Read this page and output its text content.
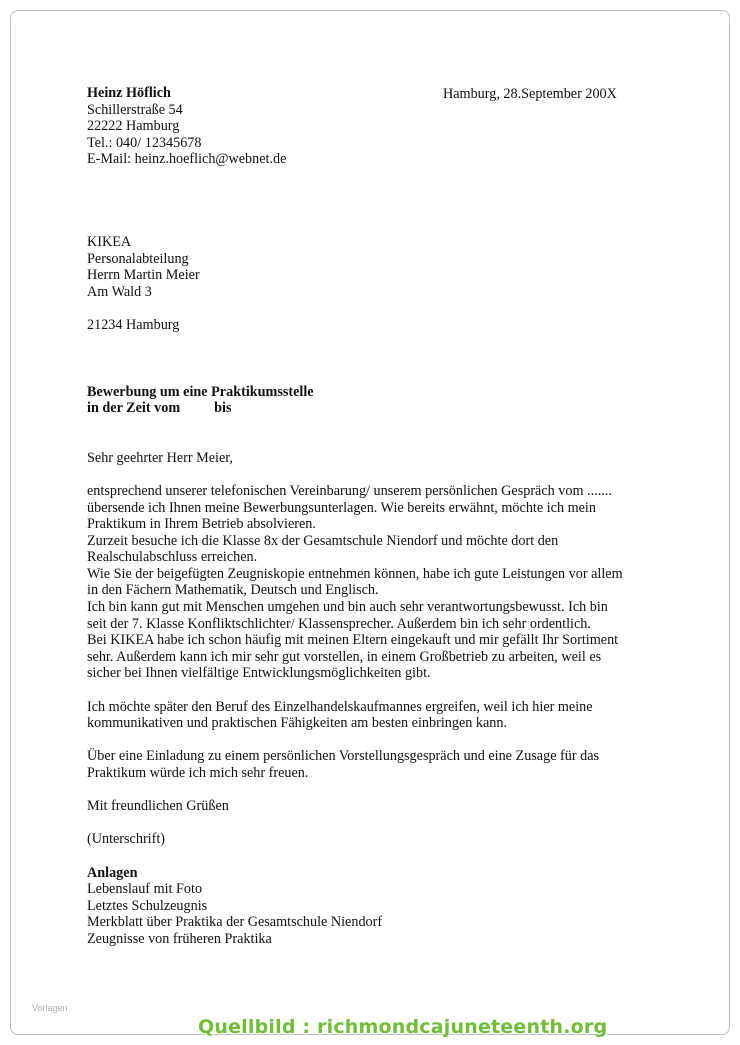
Hamburg, 28.September 200X
Heinz Höflich
Schillerstraße 54
22222 Hamburg
Tel.: 040/ 12345678
E-Mail: heinz.hoeflich@webnet.de
KIKEA
Personalabteilung
Herrn Martin Meier
Am Wald 3
21234 Hamburg
Bewerbung um eine Praktikumsstelle
in der Zeit vom bis
Sehr geehrter Herr Meier,
entsprechend unserer telefonischen Vereinbarung/ unserem persönlichen Gespräch vom .......
übersende ich Ihnen meine Bewerbungsunterlagen. Wie bereits erwähnt, möchte ich mein
Praktikum in Ihrem Betrieb absolvieren.
Zurzeit besuche ich die Klasse 8x der Gesamtschule Niendorf und möchte dort den
Realschulabschluss erreichen.
Wie Sie der beigefügten Zeugniskopie entnehmen können, habe ich gute Leistungen vor allem
in den Fächern Mathematik, Deutsch und Englisch.
Ich bin kann gut mit Menschen umgehen und bin auch sehr verantwortungsbewusst. Ich bin
seit der 7. Klasse Konfliktschlichter/ Klassensprecher. Außerdem bin ich sehr ordentlich.
Bei KIKEA habe ich schon häufig mit meinen Eltern eingekauft und mir gefällt Ihr Sortiment
sehr. Außerdem kann ich mir sehr gut vorstellen, in einem Großbetrieb zu arbeiten, weil es
sicher bei Ihnen vielfältige Entwicklungsmöglichkeiten gibt.
Ich möchte später den Beruf des Einzelhandelskaufmannes ergreifen, weil ich hier meine
kommunikativen und praktischen Fähigkeiten am besten einbringen kann.
Über eine Einladung zu einem persönlichen Vorstellungsgespräch und eine Zusage für das
Praktikum würde ich mich sehr freuen.
Mit freundlichen Grüßen
(Unterschrift)
Anlagen
Lebenslauf mit Foto
Letztes Schulzeugnis
Merkblatt über Praktika der Gesamtschule Niendorf
Zeugnisse von früheren Praktika
Vorlagen
Quellbild : richmondcajuneteenth.org
